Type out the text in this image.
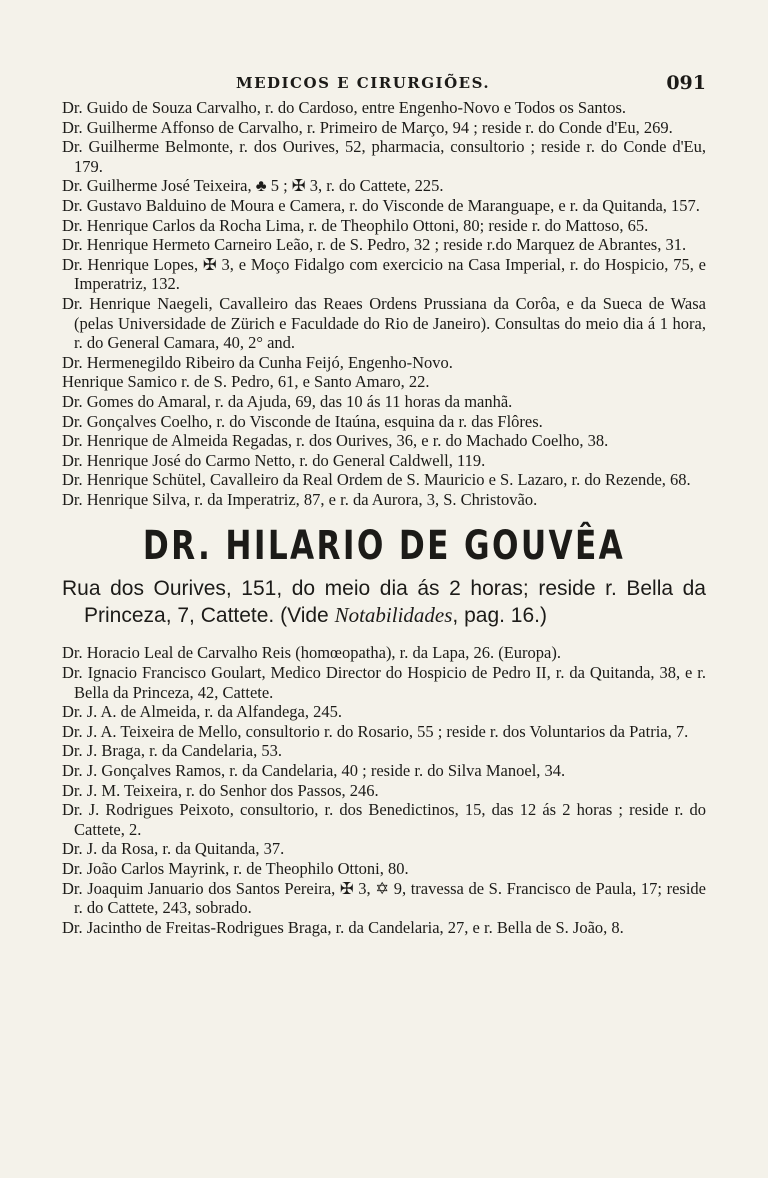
MEDICOS E CIRURGIÕES.	091

Dr. Guido de Souza Carvalho, r. do Cardoso, entre Engenho-Novo e Todos os Santos.

Dr. Guilherme Affonso de Carvalho, r. Primeiro de Março, 94 ; reside r. do Conde d'Eu, 269.

Dr. Guilherme Belmonte, r. dos Ourives, 52, pharmacia, consultorio ; reside r. do Conde d'Eu, 179.

Dr. Guilherme José Teixeira, ♣ 5 ; ✠ 3, r. do Cattete, 225.

Dr. Gustavo Balduino de Moura e Camera, r. do Visconde de Maranguape, e r. da Quitanda, 157.

Dr. Henrique Carlos da Rocha Lima, r. de Theophilo Ottoni, 80; reside r. do Mattoso, 65.

Dr. Henrique Hermeto Carneiro Leão, r. de S. Pedro, 32 ; reside r.do Marquez de Abrantes, 31.

Dr. Henrique Lopes, ✠ 3, e Moço Fidalgo com exercicio na Casa Imperial, r. do Hospicio, 75, e Imperatriz, 132.

Dr. Henrique Naegeli, Cavalleiro das Reaes Ordens Prussiana da Corôa, e da Sueca de Wasa (pelas Universidade de Zürich e Faculdade do Rio de Janeiro). Consultas do meio dia á 1 hora, r. do General Camara, 40, 2° and.

Dr. Hermenegildo Ribeiro da Cunha Feijó, Engenho-Novo.

Henrique Samico r. de S. Pedro, 61, e Santo Amaro, 22.

Dr. Gomes do Amaral, r. da Ajuda, 69, das 10 ás 11 horas da manhã.

Dr. Gonçalves Coelho, r. do Visconde de Itaúna, esquina da r. das Flôres.

Dr. Henrique de Almeida Regadas, r. dos Ourives, 36, e r. do Machado Coelho, 38.

Dr. Henrique José do Carmo Netto, r. do General Caldwell, 119.

Dr. Henrique Schütel, Cavalleiro da Real Ordem de S. Mauricio e S. Lazaro, r. do Rezende, 68.

Dr. Henrique Silva, r. da Imperatriz, 87, e r. da Aurora, 3, S. Christovão.

DR. HILARIO DE GOUVÊA

Rua dos Ourives, 151, do meio dia ás 2 horas; reside r. Bella da Princeza, 7, Cattete. (Vide Notabilidades, pag. 16.)

Dr. Horacio Leal de Carvalho Reis (homœopatha), r. da Lapa, 26. (Europa).

Dr. Ignacio Francisco Goulart, Medico Director do Hospicio de Pedro II, r. da Quitanda, 38, e r. Bella da Princeza, 42, Cattete.

Dr. J. A. de Almeida, r. da Alfandega, 245.

Dr. J. A. Teixeira de Mello, consultorio r. do Rosario, 55 ; reside r. dos Voluntarios da Patria, 7.

Dr. J. Braga, r. da Candelaria, 53.

Dr. J. Gonçalves Ramos, r. da Candelaria, 40 ; reside r. do Silva Manoel, 34.

Dr. J. M. Teixeira, r. do Senhor dos Passos, 246.

Dr. J. Rodrigues Peixoto, consultorio, r. dos Benedictinos, 15, das 12 ás 2 horas ; reside r. do Cattete, 2.

Dr. J. da Rosa, r. da Quitanda, 37.

Dr. João Carlos Mayrink, r. de Theophilo Ottoni, 80.

Dr. Joaquim Januario dos Santos Pereira, ✠ 3, ✡ 9, travessa de S. Francisco de Paula, 17; reside r. do Cattete, 243, sobrado.

Dr. Jacintho de Freitas-Rodrigues Braga, r. da Candelaria, 27, e r. Bella de S. João, 8.
